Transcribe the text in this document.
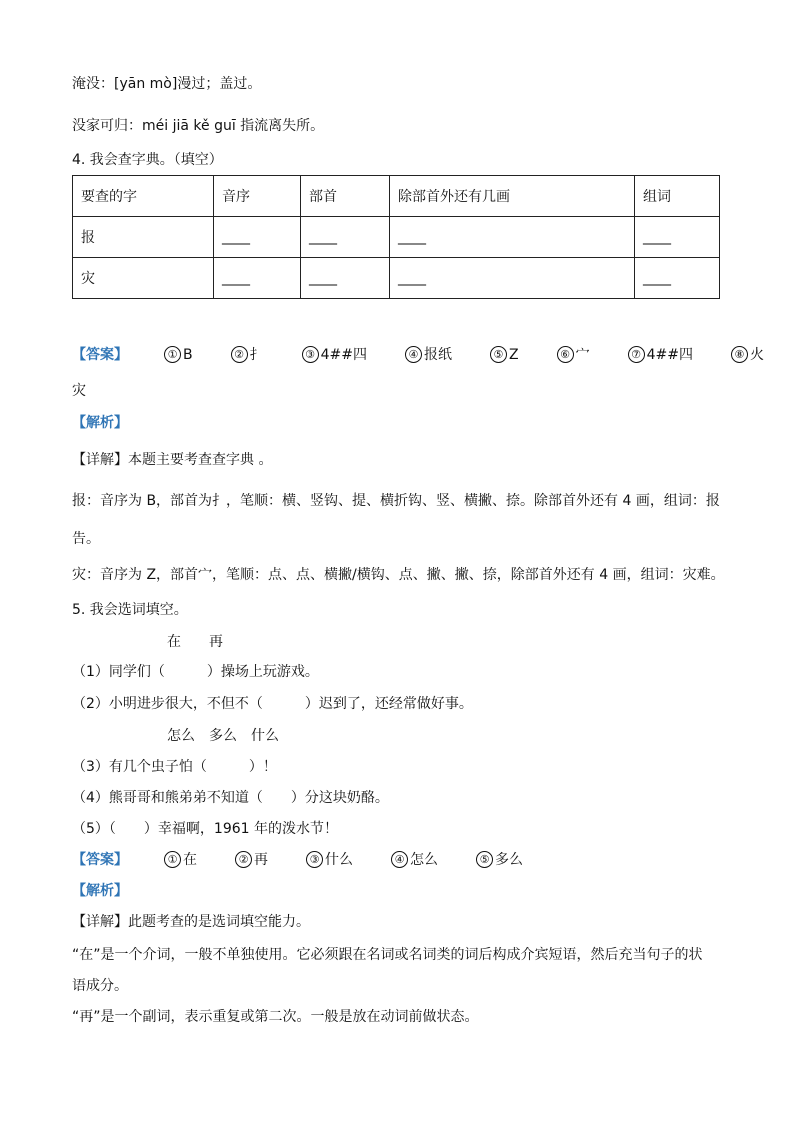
淹没：[yān mò]漫过；盖过。
没家可归：méi jiā kě guī 指流离失所。
4. 我会查字典。（填空）
要查的字	音序	部首	除部首外还有几画	组词
报	____	____	____	____
灾	____	____	____	____
【答案】	① B	② 扌	③ 4##四	④ 报纸	⑤ Z	⑥ 宀	⑦ 4##四	⑧ 火
灾
【解析】
【详解】本题主要考查查字典 。
报：音序为 B，部首为扌，笔顺：横、竖钩、提、横折钩、竖、横撇、捺。除部首外还有 4 画，组词：报
告。
灾：音序为 Z，部首宀，笔顺：点、点、横撇/横钩、点、撇、撇、捺，除部首外还有 4 画，组词：灾难。
5. 我会选词填空。
在　　再
（1）同学们（　　　）操场上玩游戏。
（2）小明进步很大，不但不（　　　）迟到了，还经常做好事。
怎么　多么　什么
（3）有几个虫子怕（　　　）！
（4）熊哥哥和熊弟弟不知道（　　）分这块奶酪。
（5）（　　）幸福啊，1961 年的泼水节！
【答案】	① 在	② 再	③ 什么	④ 怎么	⑤ 多么
【解析】
【详解】此题考查的是选词填空能力。
“在”是一个介词，一般不单独使用。它必须跟在名词或名词类的词后构成介宾短语，然后充当句子的状
语成分。
“再”是一个副词，表示重复或第二次。一般是放在动词前做状态。
